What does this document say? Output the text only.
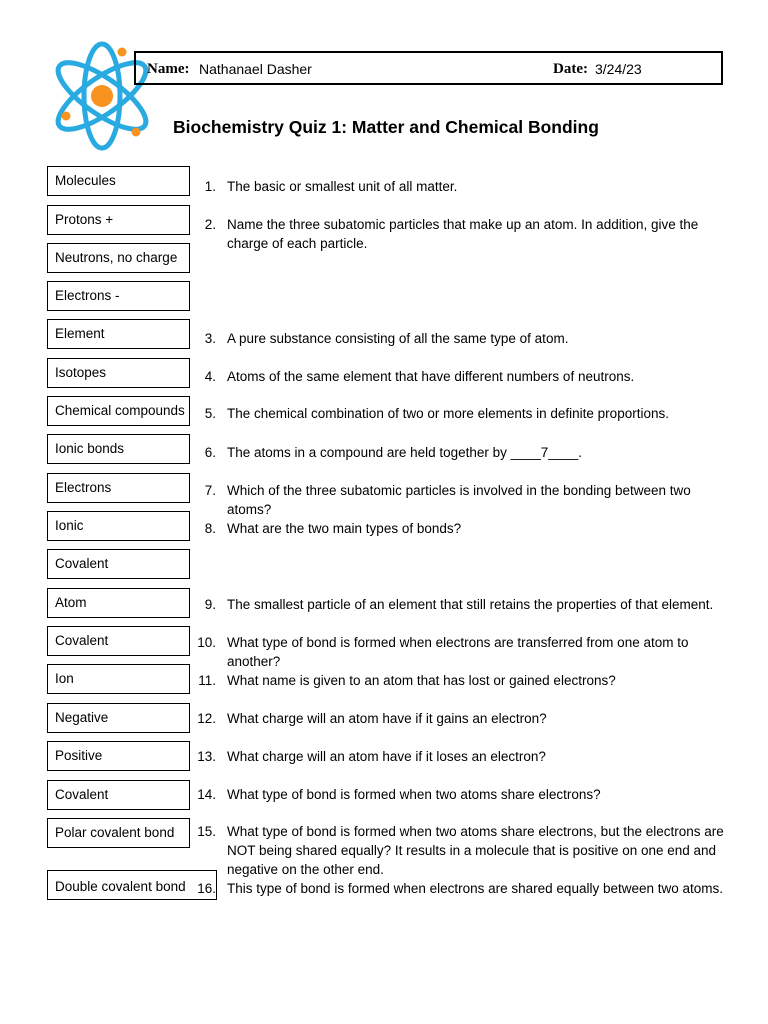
Name: Nathanael Dasher	Date: 3/24/23
Biochemistry Quiz 1: Matter and Chemical Bonding
Molecules
Protons +
Neutrons, no charge
Electrons -
Element
Isotopes
Chemical compounds
Ionic bonds
Electrons
Ionic
Covalent
Atom
Covalent
Ion
Negative
Positive
Covalent
Polar covalent bond
Double covalent bond
1. The basic or smallest unit of all matter.
2. Name the three subatomic particles that make up an atom. In addition, give the charge of each particle.
3. A pure substance consisting of all the same type of atom.
4. Atoms of the same element that have different numbers of neutrons.
5. The chemical combination of two or more elements in definite proportions.
6. The atoms in a compound are held together by ____7____.
7. Which of the three subatomic particles is involved in the bonding between two atoms?
8. What are the two main types of bonds?
9. The smallest particle of an element that still retains the properties of that element.
10. What type of bond is formed when electrons are transferred from one atom to another?
11. What name is given to an atom that has lost or gained electrons?
12. What charge will an atom have if it gains an electron?
13. What charge will an atom have if it loses an electron?
14. What type of bond is formed when two atoms share electrons?
15. What type of bond is formed when two atoms share electrons, but the electrons are NOT being shared equally? It results in a molecule that is positive on one end and negative on the other end.
16. This type of bond is formed when electrons are shared equally between two atoms.
